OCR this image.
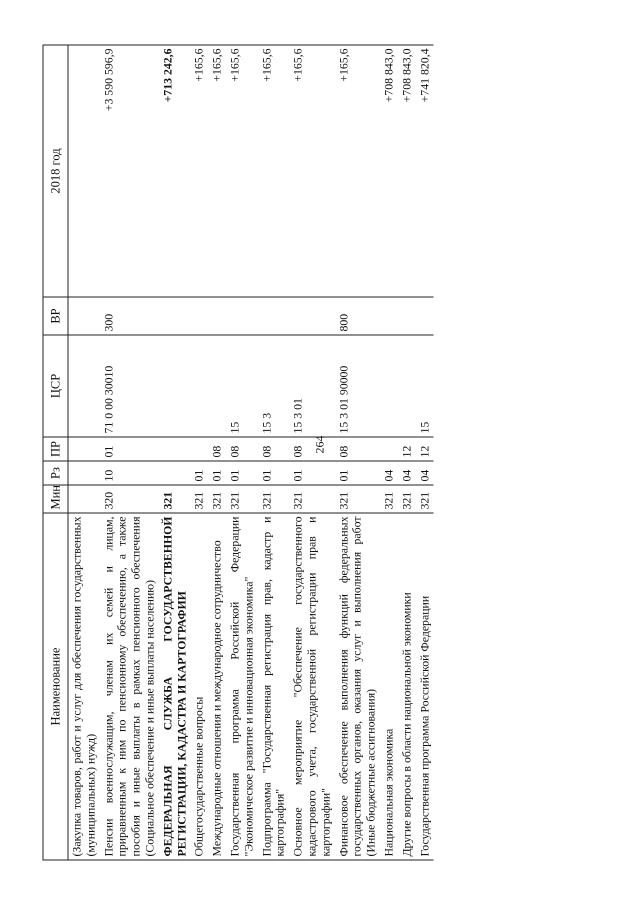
264
Наименование	Мин	Рз	ПР	ЦСР	ВР	2018 год
(Закупка товаров, работ и услуг для обеспечения государственных (муниципальных) нужд)						
Пенсии военнослужащим, членам их семей и лицам, приравненным к ним по пенсионному обеспечению, а также пособия и иные выплаты в рамках пенсионного обеспечения (Социальное обеспечение и иные выплаты населению)	320	10	01	71 0 00 30010	300	+3 590 596,9
ФЕДЕРАЛЬНАЯ СЛУЖБА ГОСУДАРСТВЕННОЙ РЕГИСТРАЦИИ, КАДАСТРА И КАРТОГРАФИИ	321					+713 242,6
Общегосударственные вопросы	321	01				+165,6
Международные отношения и международное сотрудничество	321	01	08			+165,6
Государственная программа Российской Федерации "Экономическое развитие и инновационная экономика"	321	01	08	15		+165,6
Подпрограмма "Государственная регистрация прав, кадастр и картография"	321	01	08	15 3		+165,6
Основное мероприятие "Обеспечение государственного кадастрового учета, государственной регистрации прав и картографии"	321	01	08	15 3 01		+165,6
Финансовое обеспечение выполнения функций федеральных государственных органов, оказания услуг и выполнения работ (Иные бюджетные ассигнования)	321	01	08	15 3 01 90000	800	+165,6
Национальная экономика	321	04				+708 843,0
Другие вопросы в области национальной экономики	321	04	12			+708 843,0
Государственная программа Российской Федерации	321	04	12	15		+741 820,4
